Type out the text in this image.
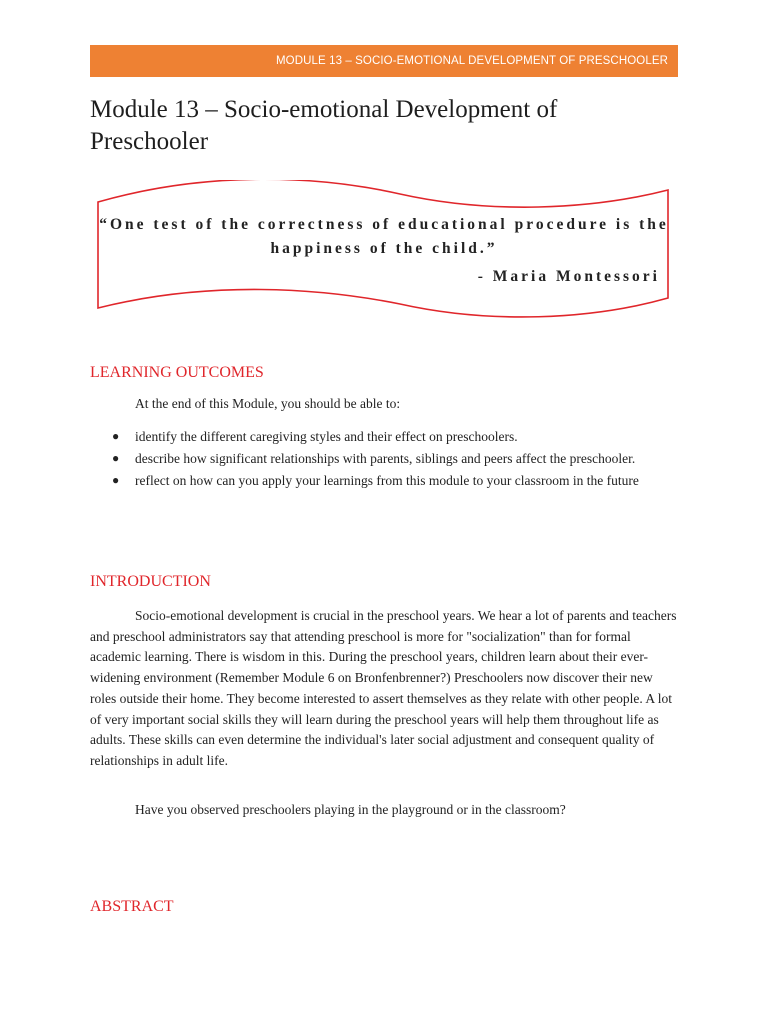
MODULE 13 – SOCIO-EMOTIONAL DEVELOPMENT OF PRESCHOOLER
Module 13 – Socio-emotional Development of Preschooler

“One test of the correctness of educational procedure is the happiness of the child.”

- Maria Montessori

LEARNING OUTCOMES

At the end of this Module, you should be able to:

● identify the different caregiving styles and their effect on preschoolers.
● describe how significant relationships with parents, siblings and peers affect the preschooler.
● reflect on how can you apply your learnings from this module to your classroom in the future
INTRODUCTION

Socio-emotional development is crucial in the preschool years. We hear a lot of parents and teachers and preschool administrators say that attending preschool is more for "socialization" than for formal academic learning. There is wisdom in this. During the preschool years, children learn about their ever-widening environment (Remember Module 6 on Bronfenbrenner?) Preschoolers now discover their new roles outside their home. They become interested to assert themselves as they relate with other people. A lot of very important social skills they will learn during the preschool years will help them throughout life as adults. These skills can even determine the individual's later social adjustment and consequent quality of relationships in adult life.

Have you observed preschoolers playing in the playground or in the classroom?

ABSTRACT
